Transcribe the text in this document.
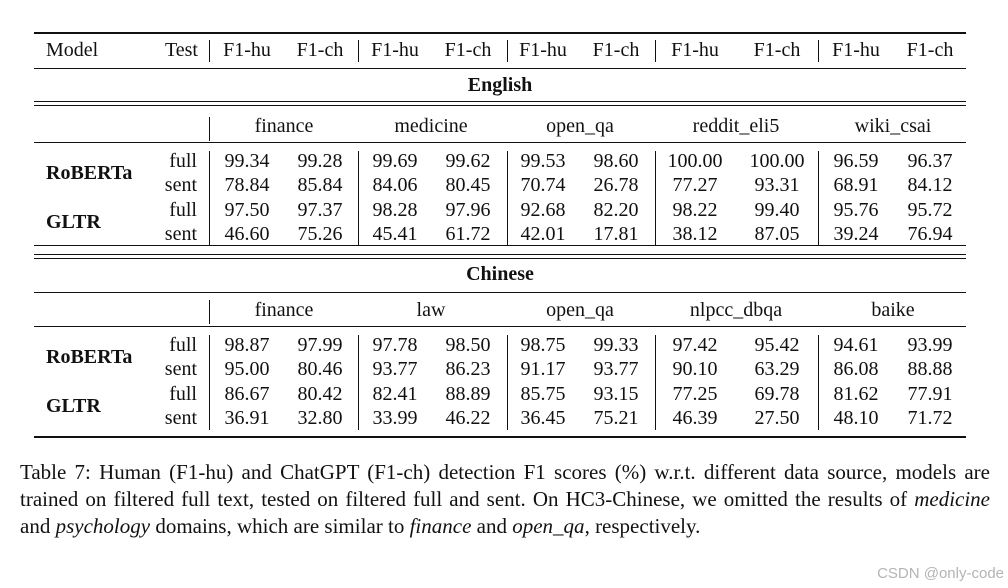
Model	Test F1-hu F1-ch F1-hu F1-ch F1-hu F1-ch F1-hu F1-ch F1-hu F1-ch
English
finance	medicine	open_qa	reddit_eli5	wiki_csai
RoBERTa
full 99.34 99.28 99.69 99.62 99.53 98.60 100.00 100.00 96.59 96.37
sent 78.84 85.84 84.06 80.45 70.74 26.78 77.27 93.31 68.91 84.12
GLTR
full 97.50 97.37 98.28 97.96 92.68 82.20 98.22 99.40 95.76 95.72
sent 46.60 75.26 45.41 61.72 42.01 17.81 38.12 87.05 39.24 76.94
Chinese
finance	law	open_qa	nlpcc_dbqa	baike
RoBERTa
full 98.87 97.99 97.78 98.50 98.75 99.33 97.42 95.42 94.61 93.99
sent 95.00 80.46 93.77 86.23 91.17 93.77 90.10 63.29 86.08 88.88
GLTR
full 86.67 80.42 82.41 88.89 85.75 93.15 77.25 69.78 81.62 77.91
sent 36.91 32.80 33.99 46.22 36.45 75.21 46.39 27.50 48.10 71.72
Table 7: Human (F1-hu) and ChatGPT (F1-ch) detection F1 scores (%) w.r.t. different data source, models are trained on filtered full text, tested on filtered full and sent. On HC3-Chinese, we omitted the results of medicine and psychology domains, which are similar to finance and open_qa, respectively.
CSDN @only-code
